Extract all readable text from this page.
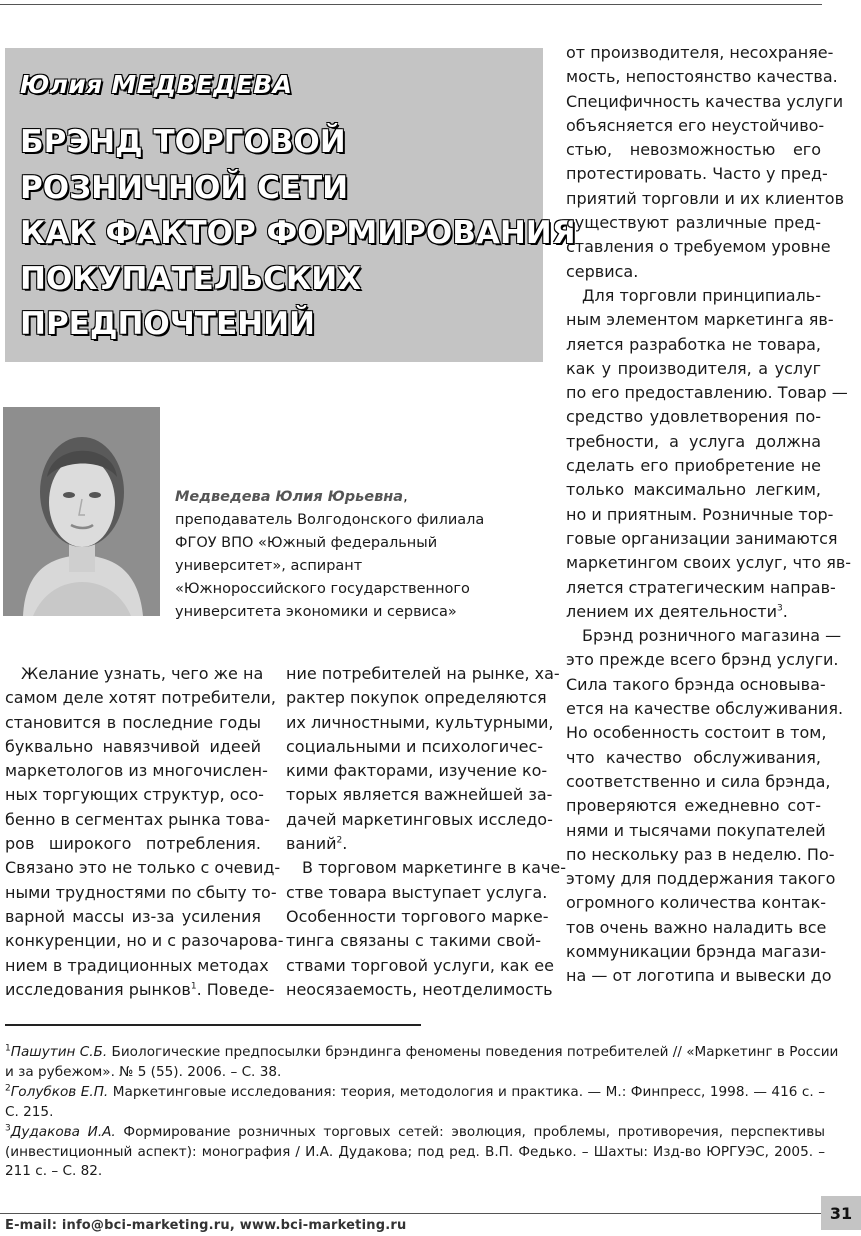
Юлия МЕДВЕДЕВА

БРЭНД ТОРГОВОЙ
РОЗНИЧНОЙ СЕТИ
КАК ФАКТОР ФОРМИРОВАНИЯ
ПОКУПАТЕЛЬСКИХ
ПРЕДПОЧТЕНИЙ
Медведева Юлия Юрьевна,
преподаватель Волгодонского филиала
ФГОУ ВПО «Южный федеральный
университет», аспирант
«Южнороссийского государственного
университета экономики и сервиса»
Желание узнать, чего же на
самом деле хотят потребители,
становится в последние годы
буквально навязчивой идеей
маркетологов из многочислен-
ных торгующих структур, осо-
бенно в сегментах рынка това-
ров широкого потребления.
Связано это не только с очевид-
ными трудностями по сбыту то-
варной массы из-за усиления
конкуренции, но и с разочарова-
нием в традиционных методах
исследования рынков$^1$. Поведе-
ние потребителей на рынке, ха-
рактер покупок определяются
их личностными, культурными,
социальными и психологичес-
кими факторами, изучение ко-
торых является важнейшей за-
дачей маркетинговых исследо-
ваний$^2$.
В торговом маркетинге в каче-
стве товара выступает услуга.
Особенности торгового марке-
тинга связаны с такими свой-
ствами торговой услуги, как ее
неосязаемость, неотделимость
от производителя, несохраняе-
мость, непостоянство качества.
Специфичность качества услуги
объясняется его неустойчиво-
стью, невозможностью его
протестировать. Часто у пред-
приятий торговли и их клиентов
существуют различные пред-
ставления о требуемом уровне
сервиса.
Для торговли принципиаль-
ным элементом маркетинга яв-
ляется разработка не товара,
как у производителя, а услуг
по его предоставлению. Товар —
средство удовлетворения по-
требности, а услуга должна
сделать его приобретение не
только максимально легким,
но и приятным. Розничные тор-
говые организации занимаются
маркетингом своих услуг, что яв-
ляется стратегическим направ-
лением их деятельности$^3$.
Брэнд розничного магазина —
это прежде всего брэнд услуги.
Сила такого брэнда основыва-
ется на качестве обслуживания.
Но особенность состоит в том,
что качество обслуживания,
соответственно и сила брэнда,
проверяются ежедневно сот-
нями и тысячами покупателей
по нескольку раз в неделю. По-
этому для поддержания такого
огромного количества контак-
тов очень важно наладить все
коммуникации брэнда магази-
на — от логотипа и вывески до
$^1$Пашутин С.Б. Биологические предпосылки брэндинга феномены поведения потребителей // «Маркетинг в России
и за рубежом». № 5 (55). 2006. – С. 38.
$^2$Голубков Е.П. Маркетинговые исследования: теория, методология и практика. — М.: Финпресс, 1998. — 416 с. –
С. 215.
$^3$Дудакова И.А. Формирование розничных торговых сетей: эволюция, проблемы, противоречия, перспективы
(инвестиционный аспект): монография / И.А. Дудакова; под ред. В.П. Федько. – Шахты: Изд-во ЮРГУЭС, 2005. –
211 с. – С. 82.
E-mail: info@bci-marketing.ru, www.bci-marketing.ru
31
